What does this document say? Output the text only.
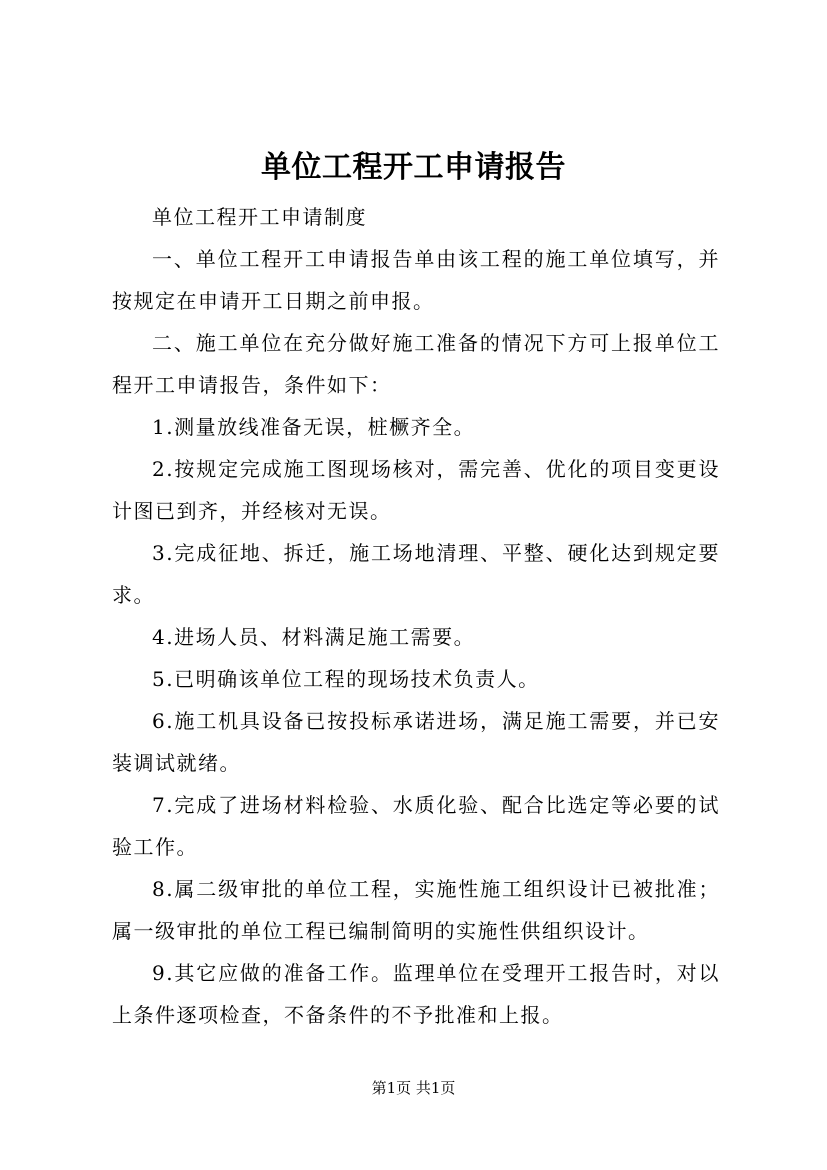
单位工程开工申请报告

单位工程开工申请制度

一、单位工程开工申请报告单由该工程的施工单位填写，并按规定在申请开工日期之前申报。

二、施工单位在充分做好施工准备的情况下方可上报单位工程开工申请报告，条件如下：

1.测量放线准备无误，桩橛齐全。

2.按规定完成施工图现场核对，需完善、优化的项目变更设计图已到齐，并经核对无误。

3.完成征地、拆迁，施工场地清理、平整、硬化达到规定要求。

4.进场人员、材料满足施工需要。

5.已明确该单位工程的现场技术负责人。

6.施工机具设备已按投标承诺进场，满足施工需要，并已安装调试就绪。

7.完成了进场材料检验、水质化验、配合比选定等必要的试验工作。

8.属二级审批的单位工程，实施性施工组织设计已被批准；属一级审批的单位工程已编制简明的实施性供组织设计。

9.其它应做的准备工作。监理单位在受理开工报告时，对以上条件逐项检查，不备条件的不予批准和上报。

第1页 共1页
